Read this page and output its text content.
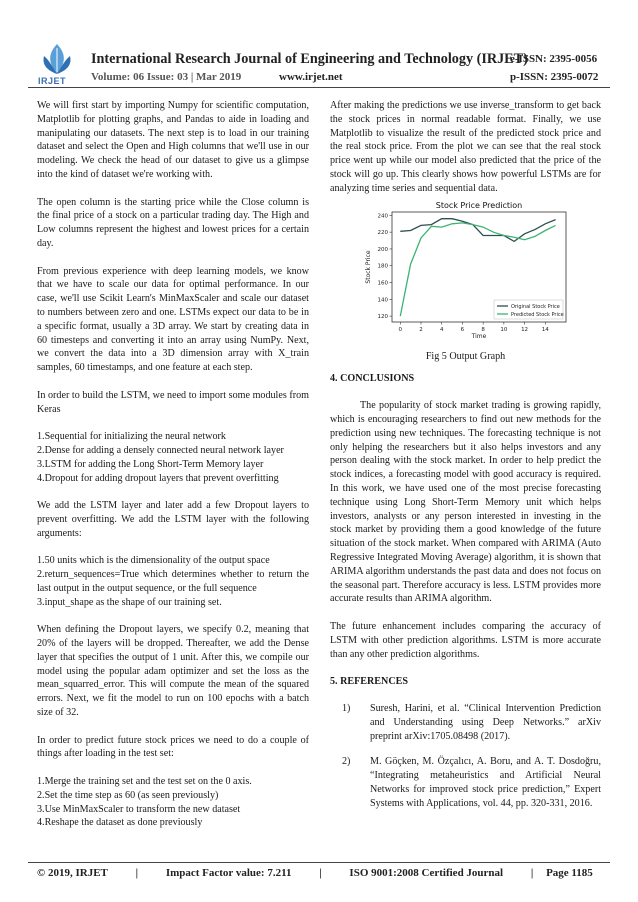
IRJET
International Research Journal of Engineering and Technology (IRJET)
e-ISSN: 2395-0056
Volume: 06 Issue: 03 | Mar 2019	www.irjet.net	p-ISSN: 2395-0072

We will first start by importing Numpy for scientific computation, Matplotlib for plotting graphs, and Pandas to aide in loading and manipulating our datasets. The next step is to load in our training dataset and select the Open and High columns that we'll use in our modeling. We check the head of our dataset to give us a glimpse into the kind of dataset we're working with.

The open column is the starting price while the Close column is the final price of a stock on a particular trading day. The High and Low columns represent the highest and lowest prices for a certain day.

From previous experience with deep learning models, we know that we have to scale our data for optimal performance. In our case, we'll use Scikit Learn's MinMaxScaler and scale our dataset to numbers between zero and one. LSTMs expect our data to be in a specific format, usually a 3D array. We start by creating data in 60 timesteps and converting it into an array using NumPy. Next, we convert the data into a 3D dimension array with X_train samples, 60 timestamps, and one feature at each step.

In order to build the LSTM, we need to import some modules from Keras

1.Sequential for initializing the neural network
2.Dense for adding a densely connected neural network layer
3.LSTM for adding the Long Short-Term Memory layer
4.Dropout for adding dropout layers that prevent overfitting

We add the LSTM layer and later add a few Dropout layers to prevent overfitting. We add the LSTM layer with the following arguments:

1.50 units which is the dimensionality of the output space
2.return_sequences=True which determines whether to return the last output in the output sequence, or the full sequence
3.input_shape as the shape of our training set.

When defining the Dropout layers, we specify 0.2, meaning that 20% of the layers will be dropped. Thereafter, we add the Dense layer that specifies the output of 1 unit. After this, we compile our model using the popular adam optimizer and set the loss as the mean_squarred_error. This will compute the mean of the squared errors. Next, we fit the model to run on 100 epochs with a batch size of 32.

In order to predict future stock prices we need to do a couple of things after loading in the test set:

1.Merge the training set and the test set on the 0 axis.
2.Set the time step as 60 (as seen previously)
3.Use MinMaxScaler to transform the new dataset
4.Reshape the dataset as done previously

After making the predictions we use inverse_transform to get back the stock prices in normal readable format. Finally, we use Matplotlib to visualize the result of the predicted stock price and the real stock price. From the plot we can see that the real stock price went up while our model also predicted that the price of the stock will go up. This clearly shows how powerful LSTMs are for analyzing time series and sequential data.

Stock Price Prediction
0	2	4	6	8	10 12 14
120
140
160
180
200
220
240
Time
Stock Price
Original Stock Price
Predicted Stock Price
Fig 5 Output Graph
4. CONCLUSIONS

The popularity of stock market trading is growing rapidly, which is encouraging researchers to find out new methods for the prediction using new techniques. The forecasting technique is not only helping the researchers but it also helps investors and any person dealing with the stock market. In order to help predict the stock indices, a forecasting model with good accuracy is required. In this work, we have used one of the most precise forecasting technique using Long Short-Term Memory unit which helps investors, analysts or any person interested in investing in the stock market by providing them a good knowledge of the future situation of the stock market. When compared with ARIMA (Auto Regressive Integrated Moving Average) algorithm, it is shown that ARIMA algorithm understands the past data and does not focus on the seasonal part. Therefore accuracy is less. LSTM provides more accurate results than ARIMA algorithm.

The future enhancement includes comparing the accuracy of LSTM with other prediction algorithms. LSTM is more accurate than any other prediction algorithms.

5. REFERENCES
1)	Suresh, Harini, et al. “Clinical Intervention Prediction and Understanding using Deep Networks.” arXiv preprint arXiv:1705.08498 (2017).
2)	M. Göçken, M. Özçalıcı, A. Boru, and A. T. Dosdoğru, “Integrating metaheuristics and Artificial Neural Networks for improved stock price prediction,” Expert Systems with Applications, vol. 44, pp. 320-331, 2016.
© 2019, IRJET	|	Impact Factor value: 7.211	|	ISO 9001:2008 Certified Journal	| Page 1185
